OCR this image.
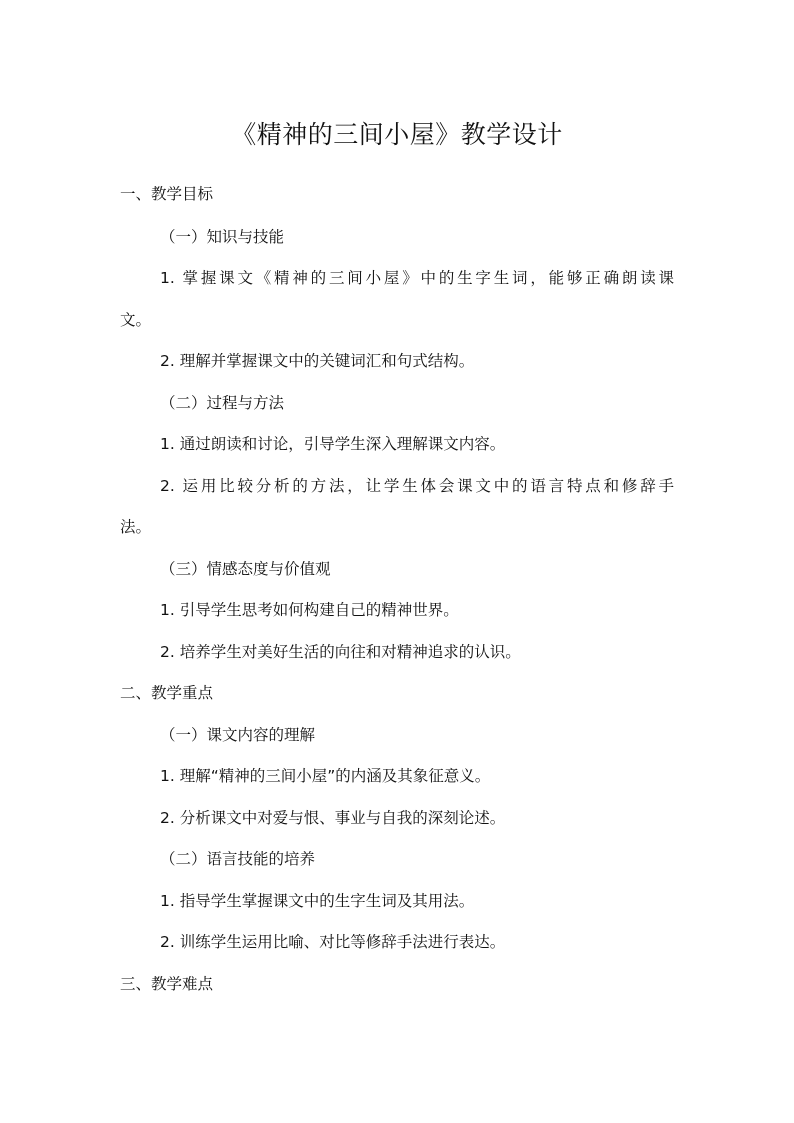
《精神的三间小屋》教学设计
一、教学目标
（一）知识与技能
1. 掌握课文《精神的三间小屋》中的生字生词，能够正确朗读课
文。
2. 理解并掌握课文中的关键词汇和句式结构。
（二）过程与方法
1. 通过朗读和讨论，引导学生深入理解课文内容。
2. 运用比较分析的方法，让学生体会课文中的语言特点和修辞手
法。
（三）情感态度与价值观
1. 引导学生思考如何构建自己的精神世界。
2. 培养学生对美好生活的向往和对精神追求的认识。
二、教学重点
（一）课文内容的理解
1. 理解“精神的三间小屋”的内涵及其象征意义。
2. 分析课文中对爱与恨、事业与自我的深刻论述。
（二）语言技能的培养
1. 指导学生掌握课文中的生字生词及其用法。
2. 训练学生运用比喻、对比等修辞手法进行表达。
三、教学难点
